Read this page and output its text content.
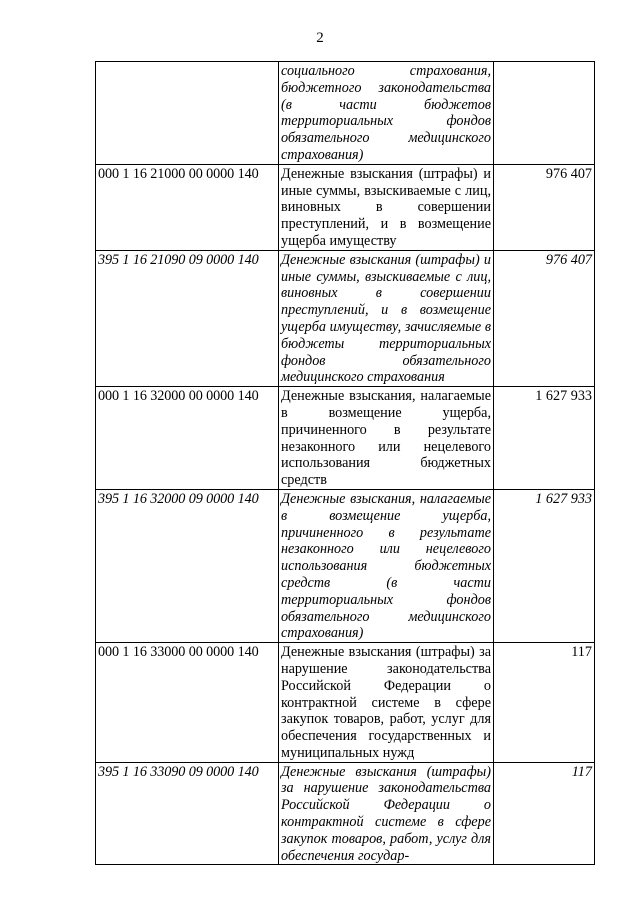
2
	социального страхования, бюджетного законодательства (в части бюджетов территориальных фондов обязательного медицинского страхования)	
000 1 16 21000 00 0000 140	Денежные взыскания (штрафы) и иные суммы, взыскиваемые с лиц, виновных в совершении преступлений, и в возмещение ущерба имуществу	976 407
395 1 16 21090 09 0000 140	Денежные взыскания (штрафы) и иные суммы, взыскиваемые с лиц, виновных в совершении преступлений, и в возмещение ущерба имуществу, зачисляемые в бюджеты территориальных фондов обязательного медицинского страхования	976 407
000 1 16 32000 00 0000 140	Денежные взыскания, налагаемые в возмещение ущерба, причиненного в результате незаконного или нецелевого использования бюджетных средств	1 627 933
395 1 16 32000 09 0000 140	Денежные взыскания, налагаемые в возмещение ущерба, причиненного в результате незаконного или нецелевого использования бюджетных средств (в части территориальных фондов обязательного медицинского страхования)	1 627 933
000 1 16 33000 00 0000 140	Денежные взыскания (штрафы) за нарушение законодательства Российской Федерации о контрактной системе в сфере закупок товаров, работ, услуг для обеспечения государственных и муниципальных нужд	117
395 1 16 33090 09 0000 140	Денежные взыскания (штрафы) за нарушение законодательства Российской Федерации о контрактной системе в сфере закупок товаров, работ, услуг для обеспечения государ-	117
